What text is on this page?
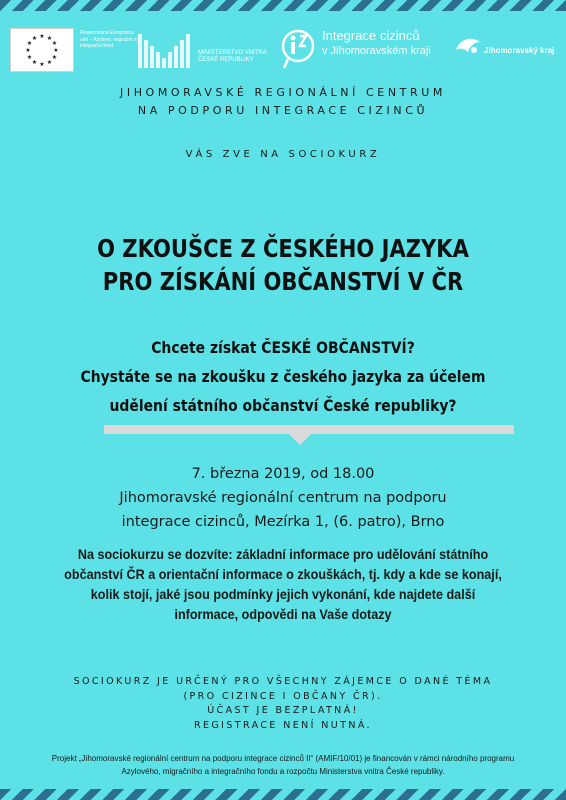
★ ★
★
★
★
★
★
★
★
★
★
★
Financováno Evropskou unií – Azylový, migrační a integrační fond
MINISTERSTVO VNITRA
ČESKÉ REPUBLIKY
Integrace cizinců
v Jihomoravském kraji	Jihomoravský kraj
JIHOMORAVSKÉ REGIONÁLNÍ CENTRUM
NA PODPORU INTEGRACE CIZINCŮ
VÁS ZVE NA SOCIOKURZ
O ZKOUŠCE Z ČESKÉHO JAZYKA
PRO ZÍSKÁNÍ OBČANSTVÍ V ČR
Chcete získat ČESKÉ OBČANSTVÍ?
Chystáte se na zkoušku z českého jazyka za účelem
udělení státního občanství České republiky?
7. března 2019, od 18.00
Jihomoravské regionální centrum na podporu
integrace cizinců, Mezírka 1, (6. patro), Brno
Na sociokurzu se dozvíte: základní informace pro udělování státního
občanství ČR a orientační informace o zkouškách, tj. kdy a kde se konají,
kolik stojí, jaké jsou podmínky jejich vykonání, kde najdete další
informace, odpovědi na Vaše dotazy
SOCIOKURZ JE URČENÝ PRO VŠECHNY ZÁJEMCE O DANÉ TÉMA
(PRO CIZINCE I OBČANY ČR).
ÚČAST JE BEZPLATNÁ!
REGISTRACE NENÍ NUTNÁ.
Projekt „Jihomoravské regionální centrum na podporu integrace cizinců II“ (AMIF/10/01) je financován v rámci národního programu
Azylového, migračního a integračního fondu a rozpočtu Ministerstva vnitra České republiky.
